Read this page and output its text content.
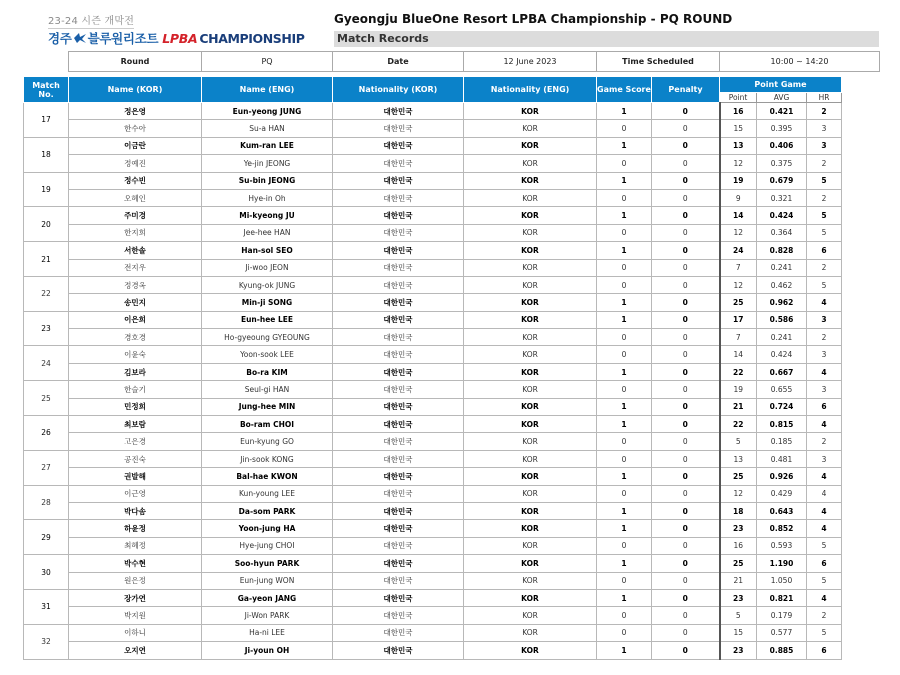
23-24 시즌 개막전
경주 블루원리조트 LPBA CHAMPIONSHIP
Gyeongju BlueOne Resort LPBA Championship - PQ ROUND
Match Records
Round	PQ	Date	12 June 2023	Time Scheduled	10:00 ~ 14:20
Match No.	Name (KOR)	Name (ENG)	Nationality (KOR)	Nationality (ENG)	Game Score	Penalty	Point Game		
							Point	AVG	HR
17	정은영	Eun-yeong JUNG	대한민국	KOR	1	0	16	0.421	2
	한수아	Su-a HAN	대한민국	KOR	0	0	15	0.395	3
18	이금란	Kum-ran LEE	대한민국	KOR	1	0	13	0.406	3
	정예진	Ye-jin JEONG	대한민국	KOR	0	0	12	0.375	2
19	정수빈	Su-bin JEONG	대한민국	KOR	1	0	19	0.679	5
	오혜인	Hye-in Oh	대한민국	KOR	0	0	9	0.321	2
20	주미경	Mi-kyeong JU	대한민국	KOR	1	0	14	0.424	5
	한지희	Jee-hee HAN	대한민국	KOR	0	0	12	0.364	5
21	서한솔	Han-sol SEO	대한민국	KOR	1	0	24	0.828	6
	전지우	Ji-woo JEON	대한민국	KOR	0	0	7	0.241	2
22	정경옥	Kyung-ok JUNG	대한민국	KOR	0	0	12	0.462	5
	송민지	Min-ji SONG	대한민국	KOR	1	0	25	0.962	4
23	이은희	Eun-hee LEE	대한민국	KOR	1	0	17	0.586	3
	경호경	Ho-gyeoung GYEOUNG	대한민국	KOR	0	0	7	0.241	2
24	이윤숙	Yoon-sook LEE	대한민국	KOR	0	0	14	0.424	3
	김보라	Bo-ra KIM	대한민국	KOR	1	0	22	0.667	4
25	한슬기	Seul-gi HAN	대한민국	KOR	0	0	19	0.655	3
	민정희	Jung-hee MIN	대한민국	KOR	1	0	21	0.724	6
26	최보람	Bo-ram CHOI	대한민국	KOR	1	0	22	0.815	4
	고은경	Eun-kyung GO	대한민국	KOR	0	0	5	0.185	2
27	공진숙	Jin-sook KONG	대한민국	KOR	0	0	13	0.481	3
	권발해	Bal-hae KWON	대한민국	KOR	1	0	25	0.926	4
28	이근영	Kun-young LEE	대한민국	KOR	0	0	12	0.429	4
	박다솜	Da-som PARK	대한민국	KOR	1	0	18	0.643	4
29	하윤정	Yoon-jung HA	대한민국	KOR	1	0	23	0.852	4
	최혜정	Hye-jung CHOI	대한민국	KOR	0	0	16	0.593	5
30	박수현	Soo-hyun PARK	대한민국	KOR	1	0	25	1.190	6
	원은정	Eun-jung WON	대한민국	KOR	0	0	21	1.050	5
31	장가연	Ga-yeon JANG	대한민국	KOR	1	0	23	0.821	4
	박지원	Ji-Won PARK	대한민국	KOR	0	0	5	0.179	2
32	이하니	Ha-ni LEE	대한민국	KOR	0	0	15	0.577	5
	오지연	Ji-youn OH	대한민국	KOR	1	0	23	0.885	6
